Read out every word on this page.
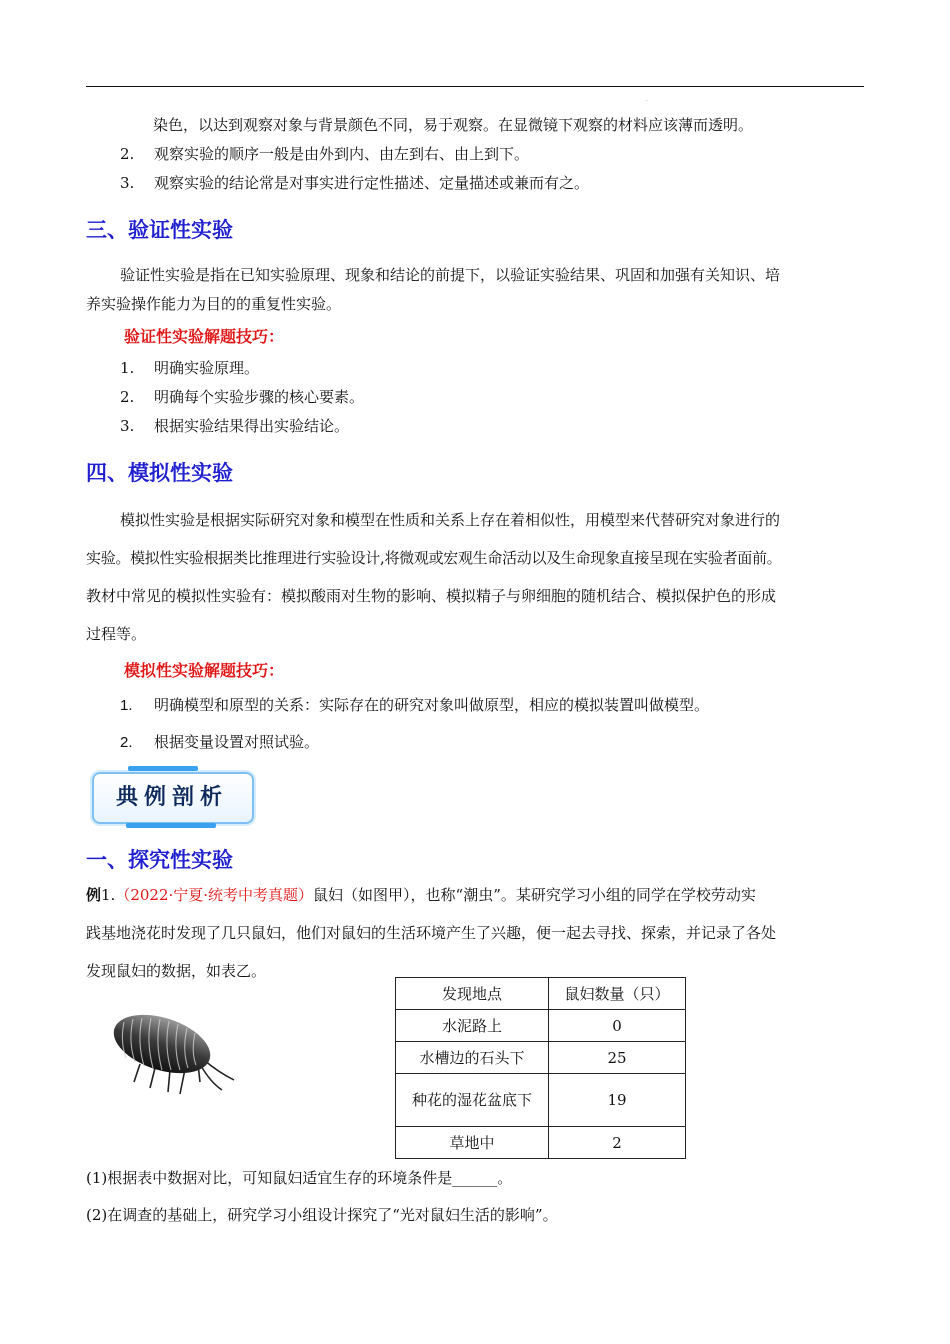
.
染色，以达到观察对象与背景颜色不同，易于观察。在显微镜下观察的材料应该薄而透明。
2. 观察实验的顺序一般是由外到内、由左到右、由上到下。
3. 观察实验的结论常是对事实进行定性描述、定量描述或兼而有之。
三、验证性实验
验证性实验是指在已知实验原理、现象和结论的前提下，以验证实验结果、巩固和加强有关知识、培
养实验操作能力为目的的重复性实验。
验证性实验解题技巧：
1. 明确实验原理。
2. 明确每个实验步骤的核心要素。
3. 根据实验结果得出实验结论。
四、模拟性实验
模拟性实验是根据实际研究对象和模型在性质和关系上存在着相似性，用模型来代替研究对象进行的
实验。模拟性实验根据类比推理进行实验设计,将微观或宏观生命活动以及生命现象直接呈现在实验者面前。
教材中常见的模拟性实验有：模拟酸雨对生物的影响、模拟精子与卵细胞的随机结合、模拟保护色的形成
过程等。
模拟性实验解题技巧：
1. 明确模型和原型的关系：实际存在的研究对象叫做原型，相应的模拟装置叫做模型。
2. 根据变量设置对照试验。
典例剖析
一、探究性实验
例1.（2022·宁夏·统考中考真题）鼠妇（如图甲），也称“潮虫”。某研究学习小组的同学在学校劳动实
践基地浇花时发现了几只鼠妇，他们对鼠妇的生活环境产生了兴趣，便一起去寻找、探索，并记录了各处
发现鼠妇的数据，如表乙。
发现地点	鼠妇数量（只）
水泥路上	0
水槽边的石头下	25
种花的湿花盆底下	19
草地中	2
(1)根据表中数据对比，可知鼠妇适宜生存的环境条件是______。
(2)在调查的基础上，研究学习小组设计探究了“光对鼠妇生活的影响”。
